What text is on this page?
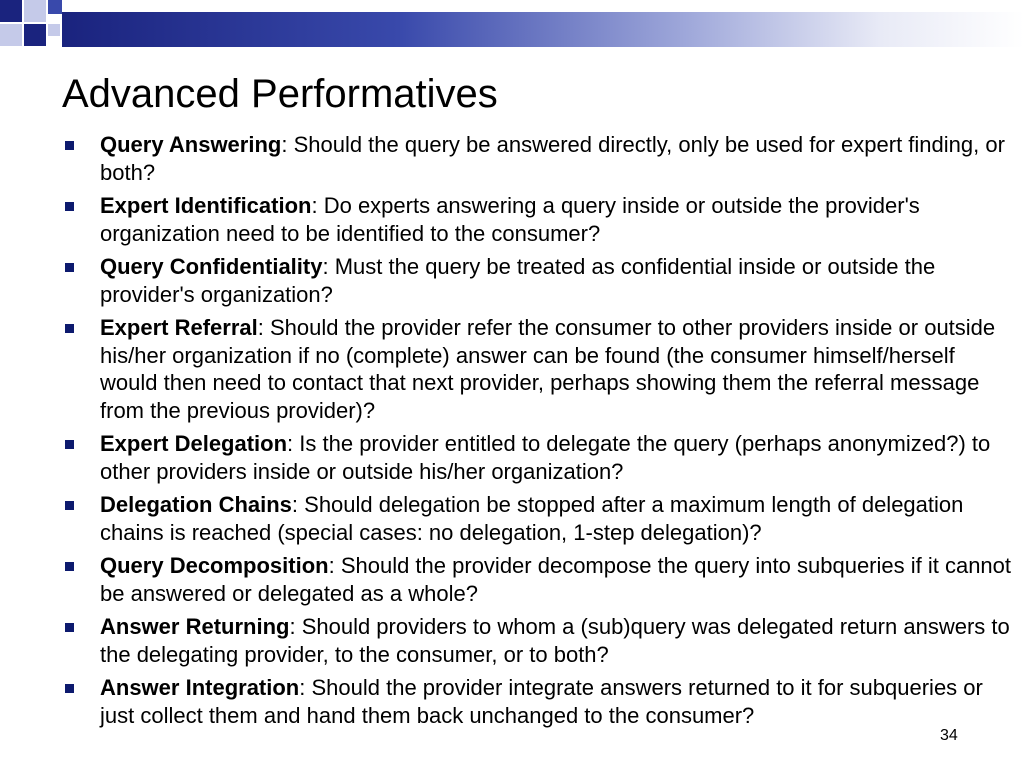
Advanced Performatives
Query Answering: Should the query be answered directly, only be used for expert finding, or both?
Expert Identification: Do experts answering a query inside or outside the provider's organization need to be identified to the consumer?
Query Confidentiality: Must the query be treated as confidential inside or outside the provider's organization?
Expert Referral: Should the provider refer the consumer to other providers inside or outside his/her organization if no (complete) answer can be found (the consumer himself/herself would then need to contact that next provider, perhaps showing them the referral message from the previous provider)?
Expert Delegation: Is the provider entitled to delegate the query (perhaps anonymized?) to other providers inside or outside his/her organization?
Delegation Chains: Should delegation be stopped after a maximum length of delegation chains is reached (special cases: no delegation, 1-step delegation)?
Query Decomposition: Should the provider decompose the query into subqueries if it cannot be answered or delegated as a whole?
Answer Returning: Should providers to whom a (sub)query was delegated return answers to the delegating provider, to the consumer, or to both?
Answer Integration: Should the provider integrate answers returned to it for subqueries or just collect them and hand them back unchanged to the consumer?
34
